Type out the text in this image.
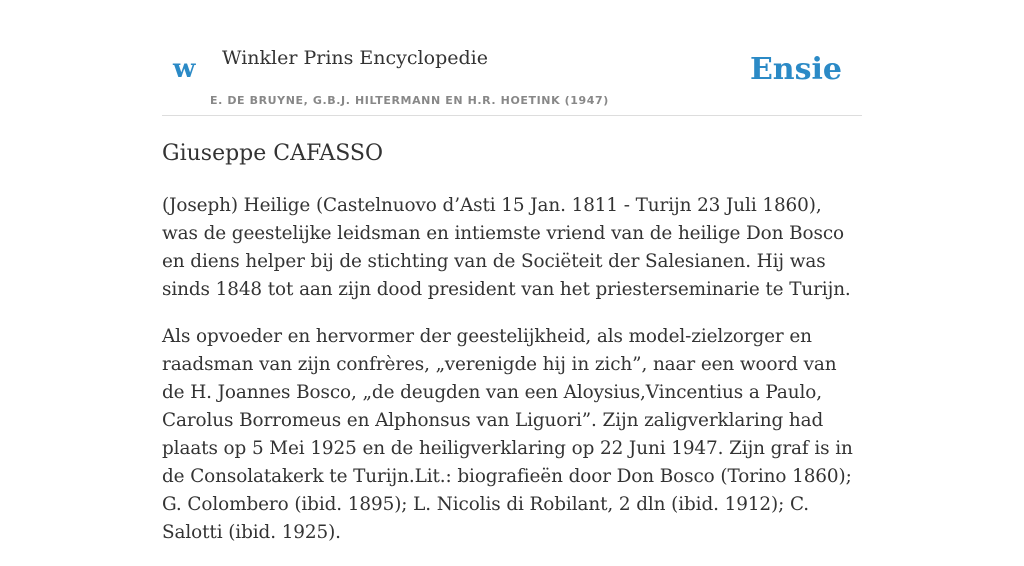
w Winkler Prins Encyclopedie
E. DE BRUYNE, G.B.J. HILTERMANN EN H.R. HOETINK (1947)
Ensie
Giuseppe CAFASSO

(Joseph) Heilige (Castelnuovo d’Asti 15 Jan. 1811 - Turijn 23 Juli 1860), was de geestelijke leidsman en intiemste vriend van de heilige Don Bosco en diens helper bij de stichting van de Sociëteit der Salesianen. Hij was sinds 1848 tot aan zijn dood president van het priesterseminarie te Turijn.

Als opvoeder en hervormer der geestelijkheid, als model-zielzorger en raadsman van zijn confrères, „verenigde hij in zich”, naar een woord van de H. Joannes Bosco, „de deugden van een Aloysius,Vincentius a Paulo, Carolus Borromeus en Alphonsus van Liguori”. Zijn zaligverklaring had plaats op 5 Mei 1925 en de heiligverklaring op 22 Juni 1947. Zijn graf is in de Consolatakerk te Turijn.Lit.: biografieën door Don Bosco (Torino 1860); G. Colombero (ibid. 1895); L. Nicolis di Robilant, 2 dln (ibid. 1912); C. Salotti (ibid. 1925).
